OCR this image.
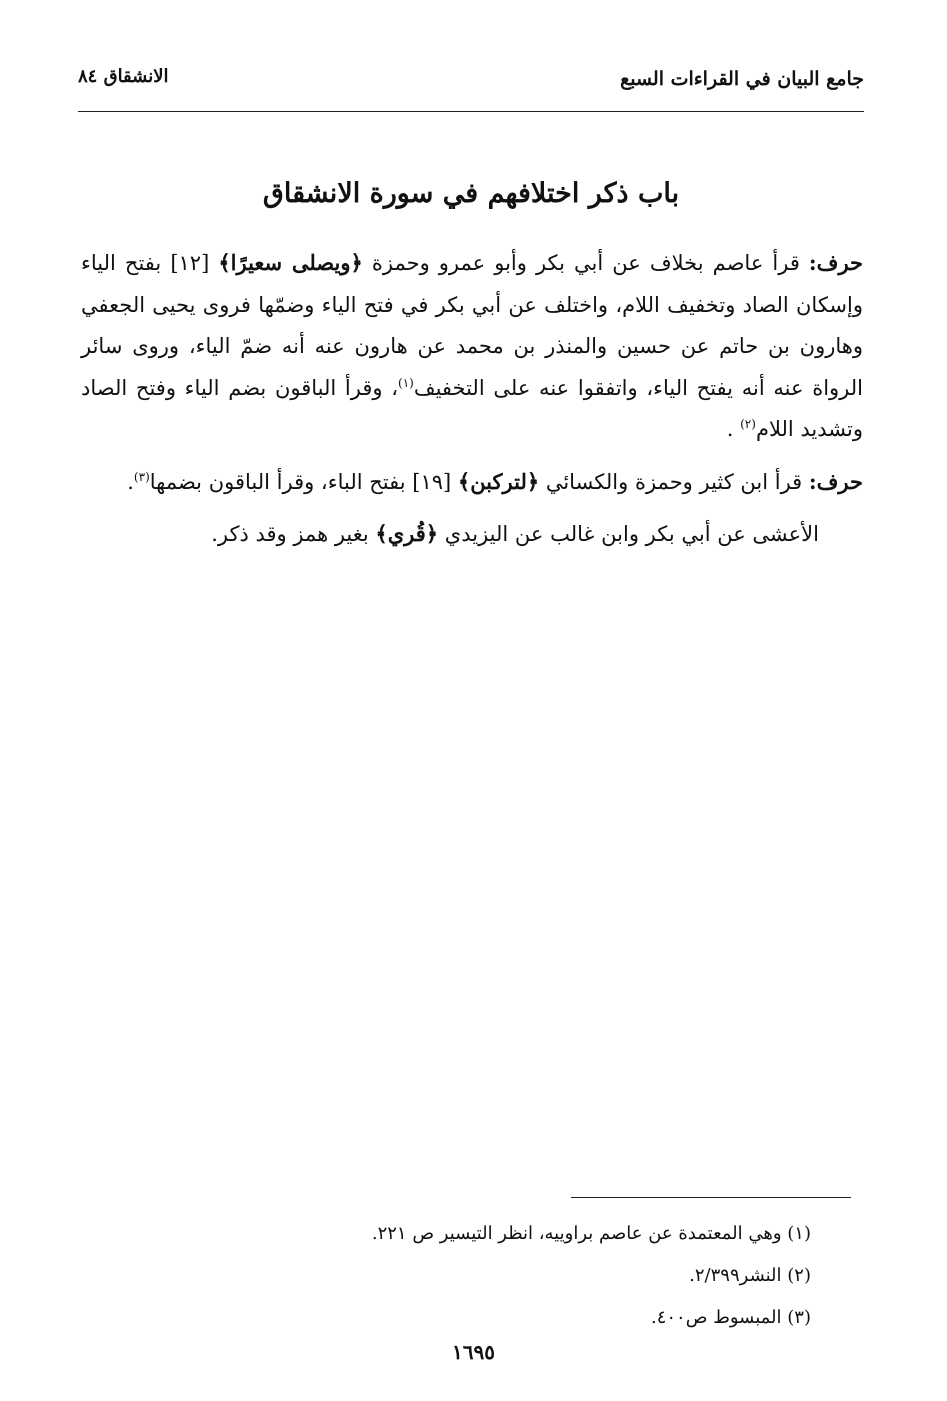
جامع البيان في القراءات السبع
الانشقاق ٨٤
باب ذكر اختلافهم في سورة الانشقاق

حرف: قرأ عاصم بخلاف عن أبي بكر وأبو عمرو وحمزة ﴿ويصلى سعيرًا﴾ [١٢] بفتح الياء وإسكان الصاد وتخفيف اللام، واختلف عن أبي بكر في فتح الياء وضمّها فروى يحيى الجعفي وهارون بن حاتم عن حسين والمنذر بن محمد عن هارون عنه أنه ضمّ الياء، وروى سائر الرواة عنه أنه يفتح الياء، واتفقوا عنه على التخفيف$^{(١)}$، وقرأ الباقون بضم الياء وفتح الصاد وتشديد اللام$^{(٢)}$ .

حرف: قرأ ابن كثير وحمزة والكسائي ﴿لتركبن﴾ [١٩] بفتح الباء، وقرأ الباقون بضمها$^{(٣)}$.

الأعشى عن أبي بكر وابن غالب عن اليزيدي ﴿قُري﴾ بغير همز وقد ذكر.

(١) وهي المعتمدة عن عاصم براوييه، انظر التيسير ص ٢٢١.
(٢) النشر٢/٣٩٩.
(٣) المبسوط ص٤٠٠.
١٦٩٥
